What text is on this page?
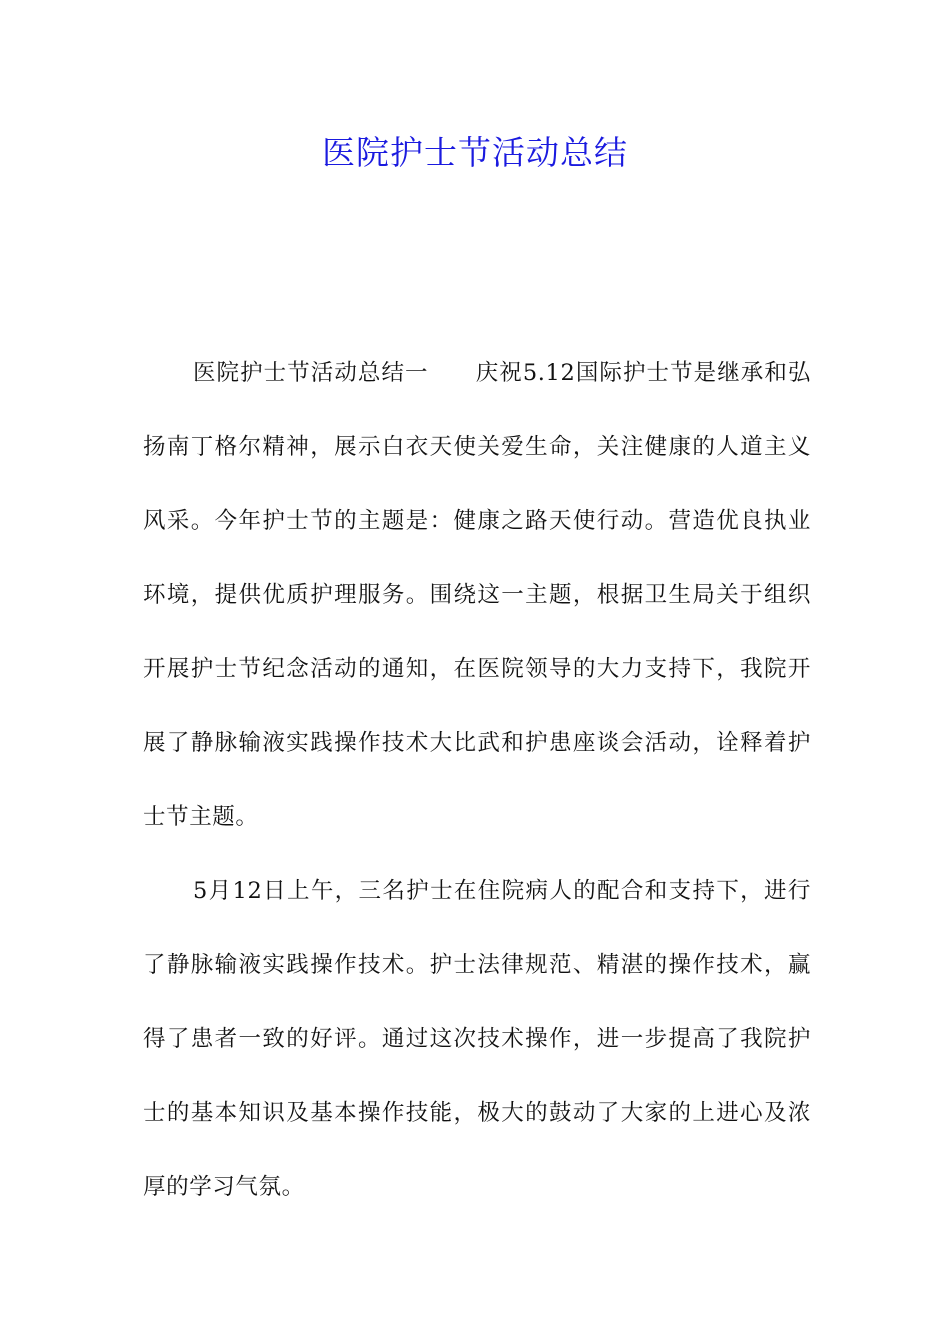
医院护士节活动总结

医院护士节活动总结一　　庆祝5.12国际护士节是继承和弘扬南丁格尔精神，展示白衣天使关爱生命，关注健康的人道主义风采。今年护士节的主题是：健康之路天使行动。营造优良执业环境，提供优质护理服务。围绕这一主题，根据卫生局关于组织开展护士节纪念活动的通知，在医院领导的大力支持下，我院开展了静脉输液实践操作技术大比武和护患座谈会活动，诠释着护士节主题。

5月12日上午，三名护士在住院病人的配合和支持下，进行了静脉输液实践操作技术。护士法律规范、精湛的操作技术，赢得了患者一致的好评。通过这次技术操作，进一步提高了我院护士的基本知识及基本操作技能，极大的鼓动了大家的上进心及浓厚的学习气氛。
